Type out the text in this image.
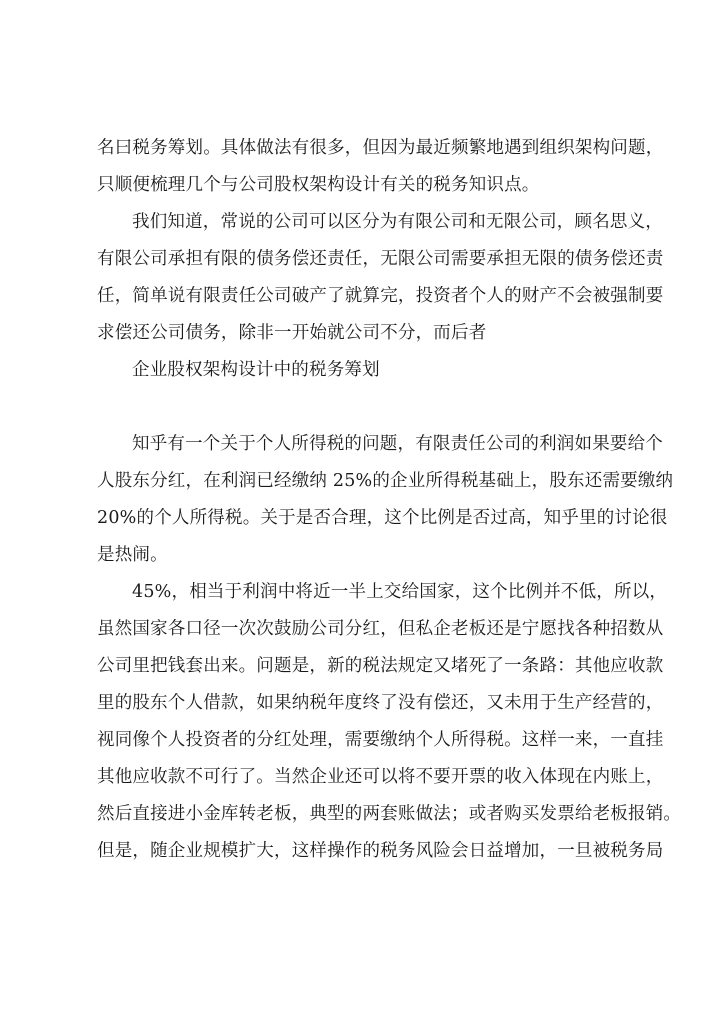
名曰税务筹划。具体做法有很多，但因为最近频繁地遇到组织架构问题，
只顺便梳理几个与公司股权架构设计有关的税务知识点。
我们知道，常说的公司可以区分为有限公司和无限公司，顾名思义，
有限公司承担有限的债务偿还责任，无限公司需要承担无限的债务偿还责
任，简单说有限责任公司破产了就算完，投资者个人的财产不会被强制要
求偿还公司债务，除非一开始就公司不分，而后者
企业股权架构设计中的税务筹划
知乎有一个关于个人所得税的问题，有限责任公司的利润如果要给个
人股东分红，在利润已经缴纳 25%的企业所得税基础上，股东还需要缴纳
20%的个人所得税。关于是否合理，这个比例是否过高，知乎里的讨论很
是热闹。
45%，相当于利润中将近一半上交给国家，这个比例并不低，所以，
虽然国家各口径一次次鼓励公司分红，但私企老板还是宁愿找各种招数从
公司里把钱套出来。问题是，新的税法规定又堵死了一条路：其他应收款
里的股东个人借款，如果纳税年度终了没有偿还，又未用于生产经营的，
视同像个人投资者的分红处理，需要缴纳个人所得税。这样一来，一直挂
其他应收款不可行了。当然企业还可以将不要开票的收入体现在内账上，
然后直接进小金库转老板，典型的两套账做法；或者购买发票给老板报销。
但是，随企业规模扩大，这样操作的税务风险会日益增加，一旦被税务局
